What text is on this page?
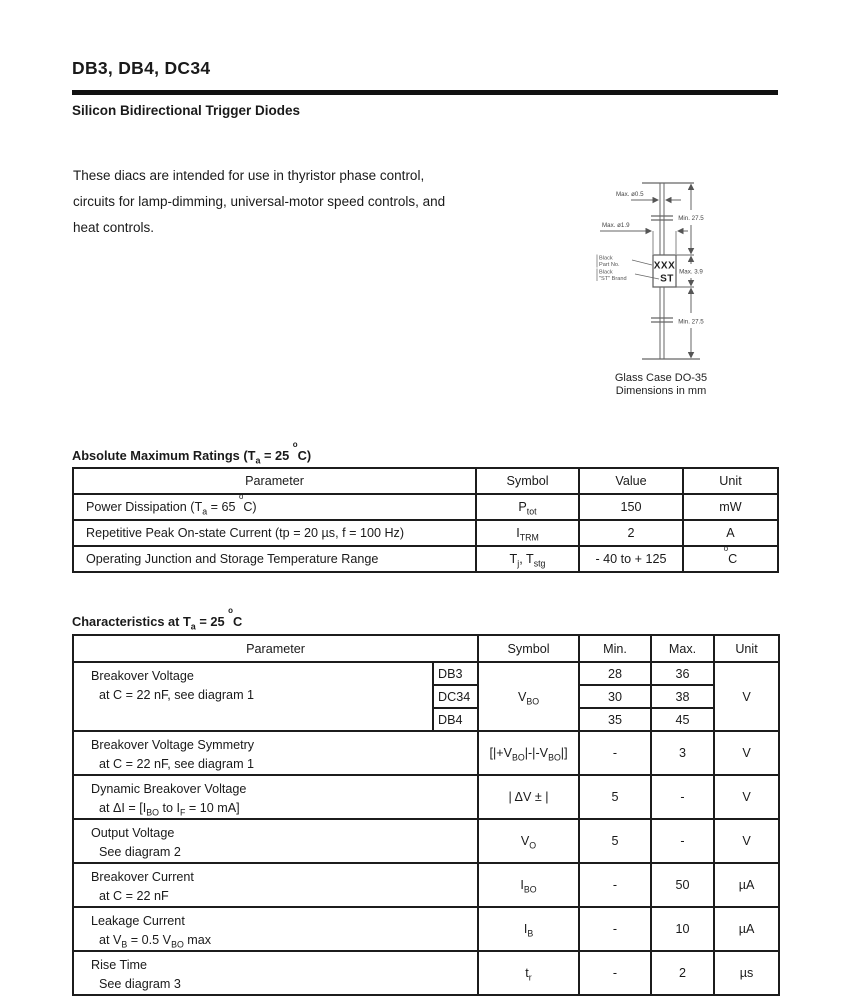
DB3, DB4, DC34
Silicon Bidirectional Trigger Diodes
These diacs are intended for use in thyristor phase control,
circuits for lamp-dimming, universal-motor speed controls, and
heat controls.
Max. ø0.5
Max. ø1.9
Min. 27.5
Max. 3.9
Min. 27.5
XXX
ST
Black
Part No.
Black
"ST" Brand
Glass Case DO-35
Dimensions in mm
Absolute Maximum Ratings ($T_a = 25$ $^o$C)
Parameter	Symbol	Value	Unit
Power Dissipation ($T_a = 65$ $^o$C)	$P_{tot}$	150	mW
Repetitive Peak On-state Current (tp = 20 µs, f = 100 Hz)	$I_{TRM}$	2	A
Operating Junction and Storage Temperature Range	$T_j$, $T_{stg}$	- 40 to + 125	$^o$C
Characteristics at $T_a = 25$ $^o$C
Parameter		Symbol	Min.	Max.	Unit

Breakover Voltage
at C = 22 nF, see diagram 1	DB3	$V_{BO}$	28	36	V
	DC34		30	38	
	DB4		35	45	

Breakover Voltage Symmetry
at C = 22 nF, see diagram 1		$[|+V_{BO}|-|-V_{BO}|]$	-	3	V

Dynamic Breakover Voltage
at $\Delta I = [I_{BO}$ to $I_F = 10$ mA]		| ΔV ± |	5	-	V

Output Voltage
See diagram 2		$V_O$	5	-	V

Breakover Current
at C = 22 nF		$I_{BO}$	-	50	µA

Leakage Current
at $V_B = 0.5$ $V_{BO}$ max		$I_B$	-	10	µA

Rise Time
See diagram 3		$t_r$	-	2	µs
